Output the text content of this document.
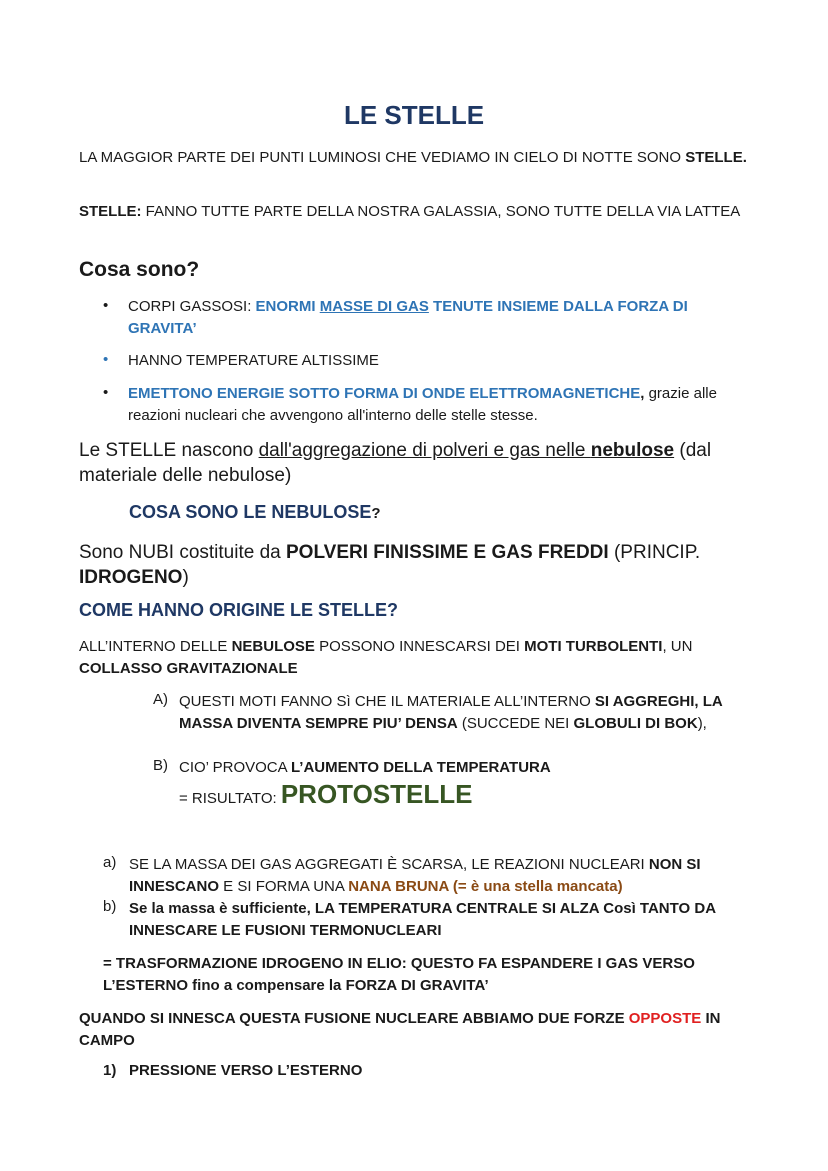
LE STELLE
LA MAGGIOR PARTE DEI PUNTI LUMINOSI CHE VEDIAMO IN CIELO DI NOTTE SONO STELLE.
STELLE: FANNO TUTTE PARTE DELLA NOSTRA GALASSIA, SONO TUTTE DELLA VIA LATTEA
Cosa sono?
• CORPI GASSOSI: ENORMI MASSE DI GAS TENUTE INSIEME DALLA FORZA DI GRAVITA’
• HANNO TEMPERATURE ALTISSIME
• EMETTONO ENERGIE SOTTO FORMA DI ONDE ELETTROMAGNETICHE, grazie alle reazioni nucleari che avvengono all'interno delle stelle stesse.
Le STELLE nascono dall'aggregazione di polveri e gas nelle nebulose (dal materiale delle nebulose)
COSA SONO LE NEBULOSE?
Sono NUBI costituite da POLVERI FINISSIME E GAS FREDDI (PRINCIP. IDROGENO)
COME HANNO ORIGINE LE STELLE?
ALL’INTERNO DELLE NEBULOSE POSSONO INNESCARSI DEI MOTI TURBOLENTI, UN COLLASSO GRAVITAZIONALE
A) QUESTI MOTI FANNO Sì CHE IL MATERIALE ALL’INTERNO SI AGGREGHI, LA MASSA DIVENTA SEMPRE PIU’ DENSA (SUCCEDE NEI GLOBULI DI BOK),
B) CIO’ PROVOCA L’AUMENTO DELLA TEMPERATURA
= RISULTATO: PROTOSTELLE
a) SE LA MASSA DEI GAS AGGREGATI È SCARSA, LE REAZIONI NUCLEARI NON SI INNESCANO E SI FORMA UNA NANA BRUNA (= è una stella mancata)
b) Se la massa è sufficiente, LA TEMPERATURA CENTRALE SI ALZA Così TANTO DA INNESCARE LE FUSIONI TERMONUCLEARI
= TRASFORMAZIONE IDROGENO IN ELIO: QUESTO FA ESPANDERE I GAS VERSO L’ESTERNO fino a compensare la FORZA DI GRAVITA’
QUANDO SI INNESCA QUESTA FUSIONE NUCLEARE ABBIAMO DUE FORZE OPPOSTE IN CAMPO
1) PRESSIONE VERSO L’ESTERNO
